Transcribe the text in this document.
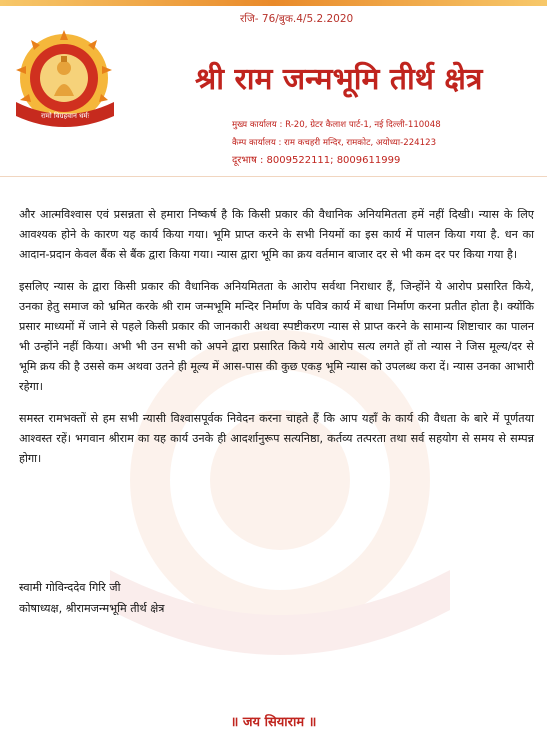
रजि- 76/बुक.4/5.2.2020
रामो विग्रहवान धर्मः
श्री राम जन्मभूमि तीर्थ क्षेत्र
मुख्य कार्यालय : R-20, ग्रेटर कैलाश पार्ट-1, नई दिल्ली-110048
कैम्प कार्यालय : राम कचहरी मन्दिर, रामकोट, अयोध्या-224123
दूरभाष : 8009522111; 8009611999

और आत्मविश्वास एवं प्रसन्नता से हमारा निष्कर्ष है कि किसी प्रकार की वैधानिक अनियमितता हमें नहीं दिखी। न्यास के लिए आवश्यक होने के कारण यह कार्य किया गया। भूमि प्राप्त करने के सभी नियमों का इस कार्य में पालन किया गया है. धन का आदान-प्रदान केवल बैंक से बैंक द्वारा किया गया। न्यास द्वारा भूमि का क्रय वर्तमान बाजार दर से भी कम दर पर किया गया है।

इसलिए न्यास के द्वारा किसी प्रकार की वैधानिक अनियमितता के आरोप सर्वथा निराधार हैं, जिन्होंने ये आरोप प्रसारित किये, उनका हेतु समाज को भ्रमित करके श्री राम जन्मभूमि मन्दिर निर्माण के पवित्र कार्य में बाधा निर्माण करना प्रतीत होता है। क्योंकि प्रसार माध्यमों में जाने से पहले किसी प्रकार की जानकारी अथवा स्पष्टीकरण न्यास से प्राप्त करने के सामान्य शिष्टाचार का पालन भी उन्होंने नहीं किया। अभी भी उन सभी को अपने द्वारा प्रसारित किये गये आरोप सत्य लगते हों तो न्यास ने जिस मूल्य/दर से भूमि क्रय की है उससे कम अथवा उतने ही मूल्य में आस-पास की कुछ एकड़ भूमि न्यास को उपलब्ध करा दें। न्यास उनका आभारी रहेगा।

समस्त रामभक्तों से हम सभी न्यासी विश्वासपूर्वक निवेदन करना चाहते हैं कि आप यहाँ के कार्य की वैधता के बारे में पूर्णतया आश्वस्त रहें। भगवान श्रीराम का यह कार्य उनके ही आदर्शानुरूप सत्यनिष्ठा, कर्तव्य तत्परता तथा सर्व सहयोग से समय से सम्पन्न होगा।

स्वामी गोविन्ददेव गिरि जी
कोषाध्यक्ष, श्रीरामजन्मभूमि तीर्थ क्षेत्र
॥ जय सियाराम ॥
